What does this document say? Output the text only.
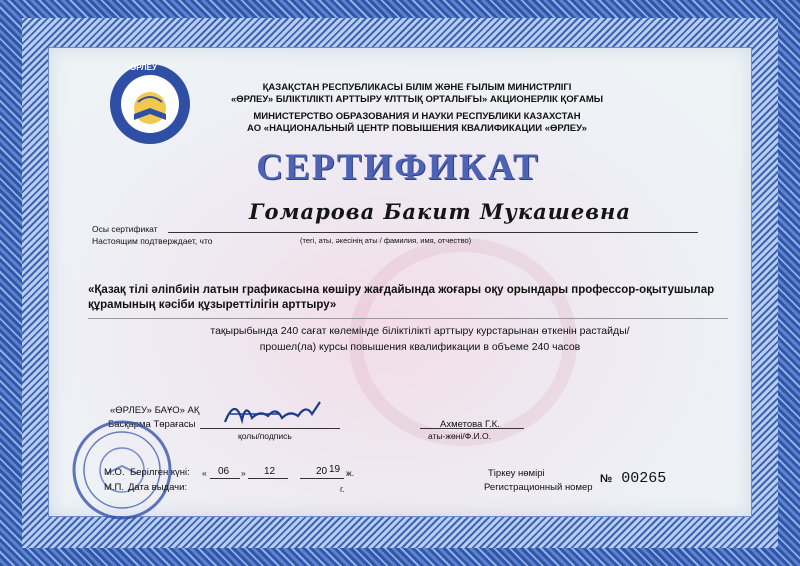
ӨРЛЕУ
ҚАЗАҚСТАН РЕСПУБЛИКАСЫ БІЛІМ ЖӘНЕ ҒЫЛЫМ МИНИСТРЛІГІ
«ӨРЛЕУ» БІЛІКТІЛІКТІ АРТТЫРУ ҰЛТТЫҚ ОРТАЛЫҒЫ» АКЦИОНЕРЛІК ҚОҒАМЫ
МИНИСТЕРСТВО ОБРАЗОВАНИЯ И НАУКИ РЕСПУБЛИКИ КАЗАХСТАН
АО «НАЦИОНАЛЬНЫЙ ЦЕНТР ПОВЫШЕНИЯ КВАЛИФИКАЦИИ «ӨРЛЕУ»
СЕРТИФИКАТ
Осы сертификат
Настоящим подтверждает, что
Гомарова Бакит Мукашевна
(тегі, аты, әкесінің аты / фамилия, имя, отчество)
«Қазақ тілі әліпбиін латын графикасына көшіру жағдайында жоғары оқу орындары профессор-оқытушылар құрамының кәсіби құзыреттілігін арттыру»
тақырыбында 240 сағат көлемінде біліктілікті арттыру курстарынан өткенін растайды/
прошел(ла) курсы повышения квалификации в объеме 240 часов
«ӨРЛЕУ» БАҰО» АҚ
Басқарма Төрағасы
қолы/подпись
Ахметова Г.К.
аты-жөні/Ф.И.О.
М.О. Берілген күні:
М.П. Дата выдачи:
« 06 » 12	20 19 ж.
г.
Тіркеу нөмірі
Регистрационный номер
№ 00265
